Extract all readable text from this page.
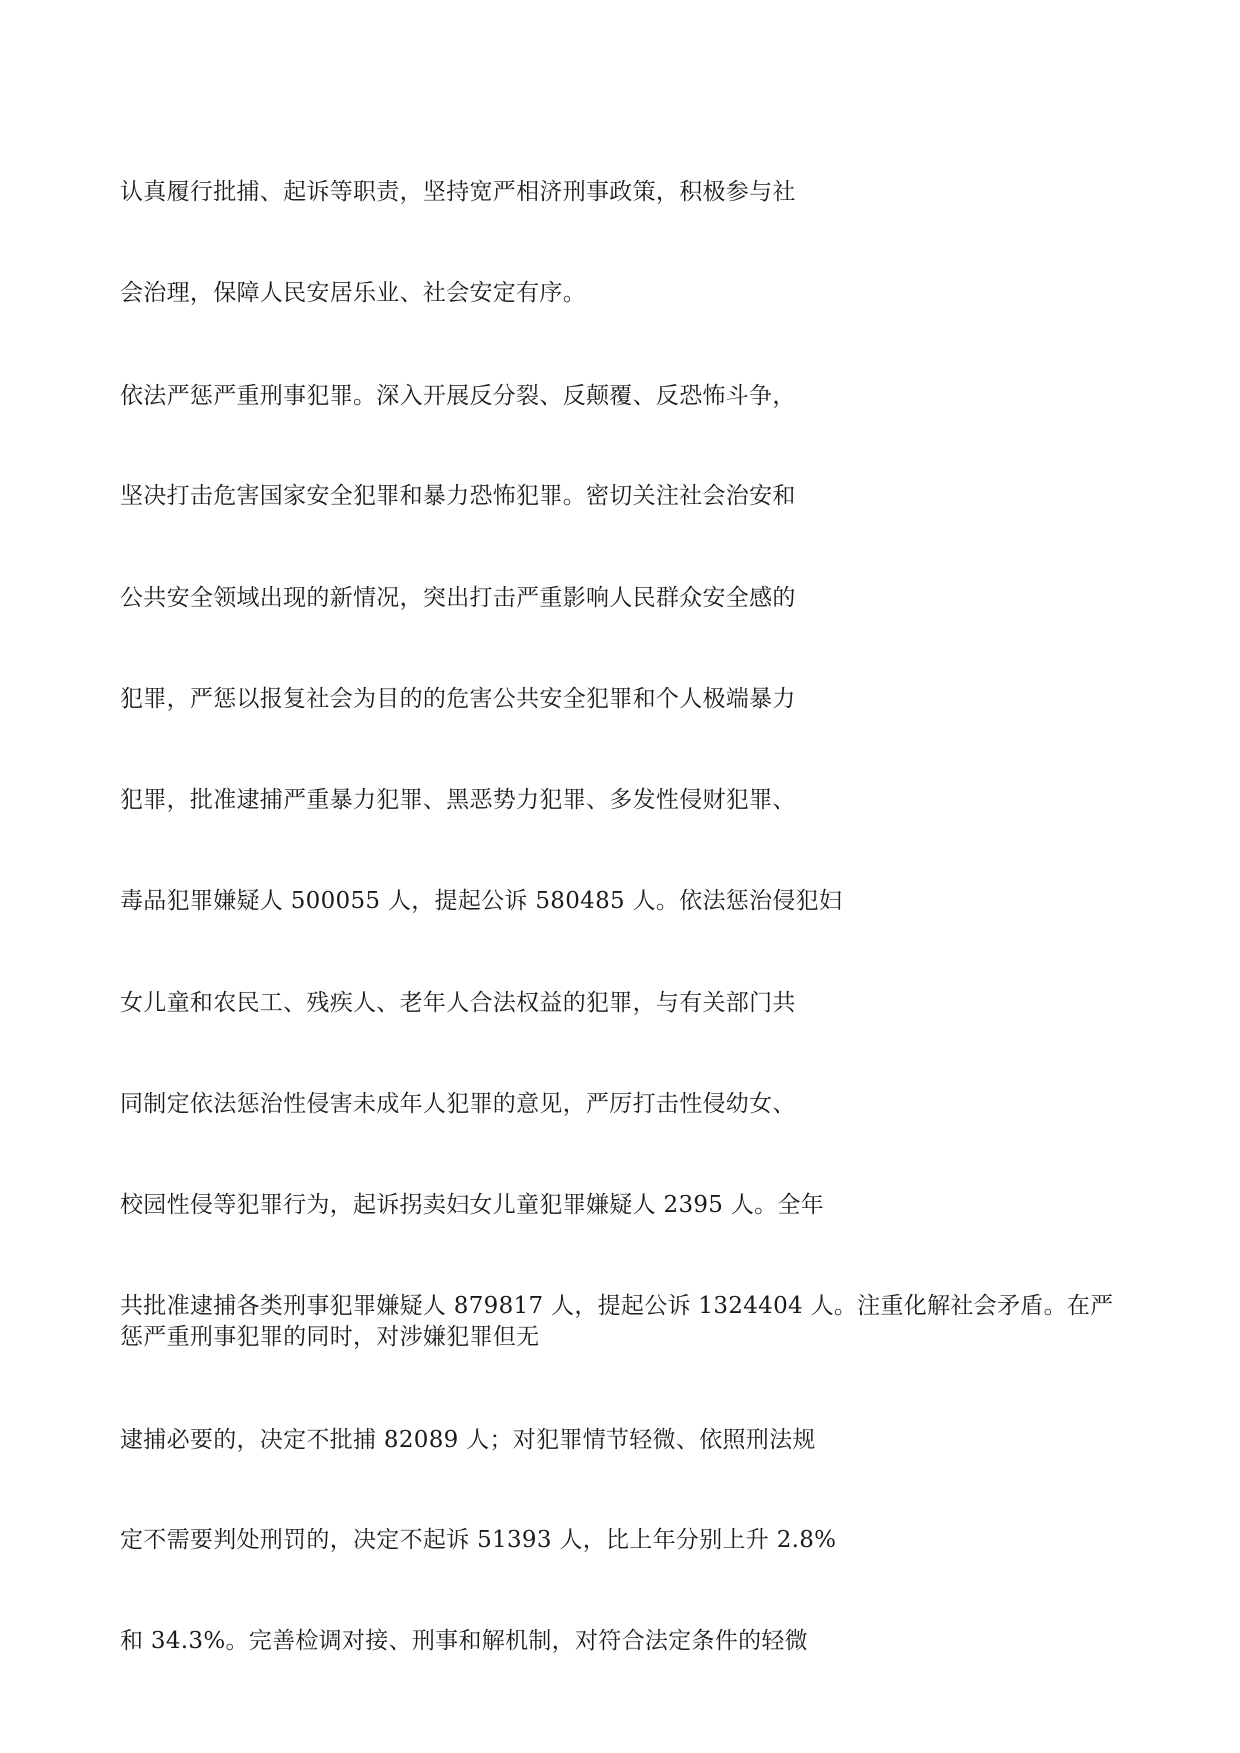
认真履行批捕、起诉等职责，坚持宽严相济刑事政策，积极参与社
会治理，保障人民安居乐业、社会安定有序。
依法严惩严重刑事犯罪。深入开展反分裂、反颠覆、反恐怖斗争，
坚决打击危害国家安全犯罪和暴力恐怖犯罪。密切关注社会治安和
公共安全领域出现的新情况，突出打击严重影响人民群众安全感的
犯罪，严惩以报复社会为目的的危害公共安全犯罪和个人极端暴力
犯罪，批准逮捕严重暴力犯罪、黑恶势力犯罪、多发性侵财犯罪、
毒品犯罪嫌疑人 500055 人，提起公诉 580485 人。依法惩治侵犯妇
女儿童和农民工、残疾人、老年人合法权益的犯罪，与有关部门共
同制定依法惩治性侵害未成年人犯罪的意见，严厉打击性侵幼女、
校园性侵等犯罪行为，起诉拐卖妇女儿童犯罪嫌疑人 2395 人。全年
共批准逮捕各类刑事犯罪嫌疑人 879817 人，提起公诉 1324404 人。注重化解社会矛盾。在严
惩严重刑事犯罪的同时，对涉嫌犯罪但无
逮捕必要的，决定不批捕 82089 人；对犯罪情节轻微、依照刑法规
定不需要判处刑罚的，决定不起诉 51393 人，比上年分别上升 2.8%
和 34.3%。完善检调对接、刑事和解机制，对符合法定条件的轻微
